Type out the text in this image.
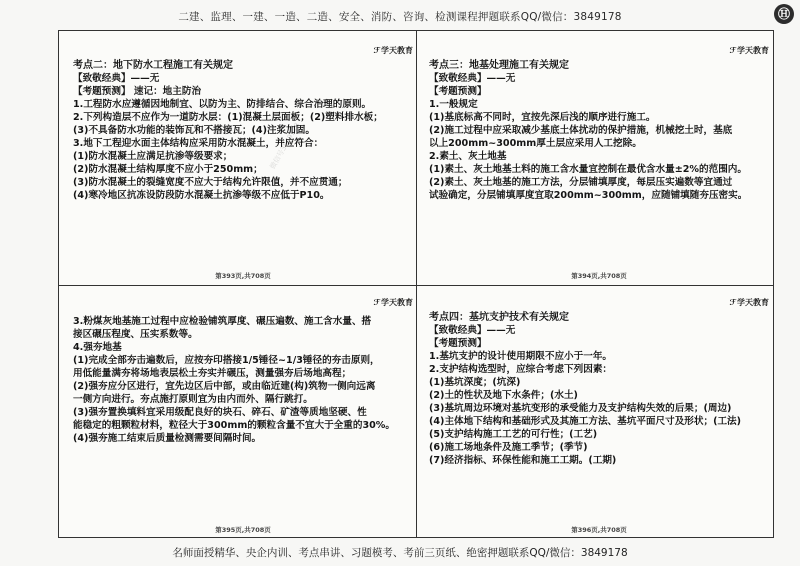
二建、监理、一建、一造、二造、安全、消防、咨询、检测课程押题联系QQ/微信：3849178	Ⓗ
微信号3849178
微信号3849178
ℱ学天教育
考点二：地下防水工程施工有关规定
【致敬经典】——无
【考题预测】 速记：地主防治
1.工程防水应遵循因地制宜、以防为主、防排结合、综合治理的原则。
2.下列构造层不应作为一道防水层：(1)混凝土层面板；(2)塑料排水板；
(3)不具备防水功能的装饰瓦和不搭接瓦；(4)注浆加固。
3.地下工程迎水面主体结构应采用防水混凝土，并应符合：
(1)防水混凝土应满足抗渗等级要求；
(2)防水混凝土结构厚度不应小于250mm；
(3)防水混凝土的裂缝宽度不应大于结构允许限值，并不应贯通；
(4)寒冷地区抗冻设防段防水混凝土抗渗等级不应低于P10。
第393页,共708页
ℱ学天教育
考点三：地基处理施工有关规定
【致敬经典】——无
【考题预测】
1.一般规定
(1)基底标高不同时，宜按先深后浅的顺序进行施工。
(2)施工过程中应采取减少基底土体扰动的保护措施，机械挖土时，基底
以上200mm~300mm厚土层应采用人工挖除。
2.素土、灰土地基
(1)素土、灰土地基土料的施工含水量宜控制在最优含水量±2%的范围内。
(2)素土、灰土地基的施工方法，分层铺填厚度，每层压实遍数等宜通过
试验确定，分层铺填厚度宜取200mm~300mm，应随铺填随夯压密实。
第394页,共708页
ℱ学天教育
3.粉煤灰地基施工过程中应检验铺筑厚度、碾压遍数、施工含水量、搭
接区碾压程度、压实系数等。
4.强夯地基
(1)完成全部夯击遍数后，应按夯印搭接1/5锤径~1/3锤径的夯击原则，
用低能量满夯将场地表层松土夯实并碾压，测量强夯后场地高程；
(2)强夯应分区进行，宜先边区后中部，或由临近建(构)筑物一侧向远离
一侧方向进行。夯点施打原则宜为由内而外、隔行跳打。
(3)强夯置换填料宜采用级配良好的块石、碎石、矿渣等质地坚硬、性
能稳定的粗颗粒材料，粒径大于300mm的颗粒含量不宜大于全重的30%。
(4)强夯施工结束后质量检测需要间隔时间。
第395页,共708页
ℱ学天教育
考点四：基坑支护技术有关规定
【致敬经典】——无
【考题预测】
1.基坑支护的设计使用期限不应小于一年。
2.支护结构选型时，应综合考虑下列因素：
(1)基坑深度；(坑深)
(2)土的性状及地下水条件；(水土)
(3)基坑周边环境对基坑变形的承受能力及支护结构失效的后果；(周边)
(4)主体地下结构和基础形式及其施工方法、基坑平面尺寸及形状；(工法)
(5)支护结构施工工艺的可行性；(工艺)
(6)施工场地条件及施工季节；(季节)
(7)经济指标、环保性能和施工工期。(工期)
第396页,共708页
名师面授精华、央企内训、考点串讲、习题模考、考前三页纸、绝密押题联系QQ/微信：3849178
